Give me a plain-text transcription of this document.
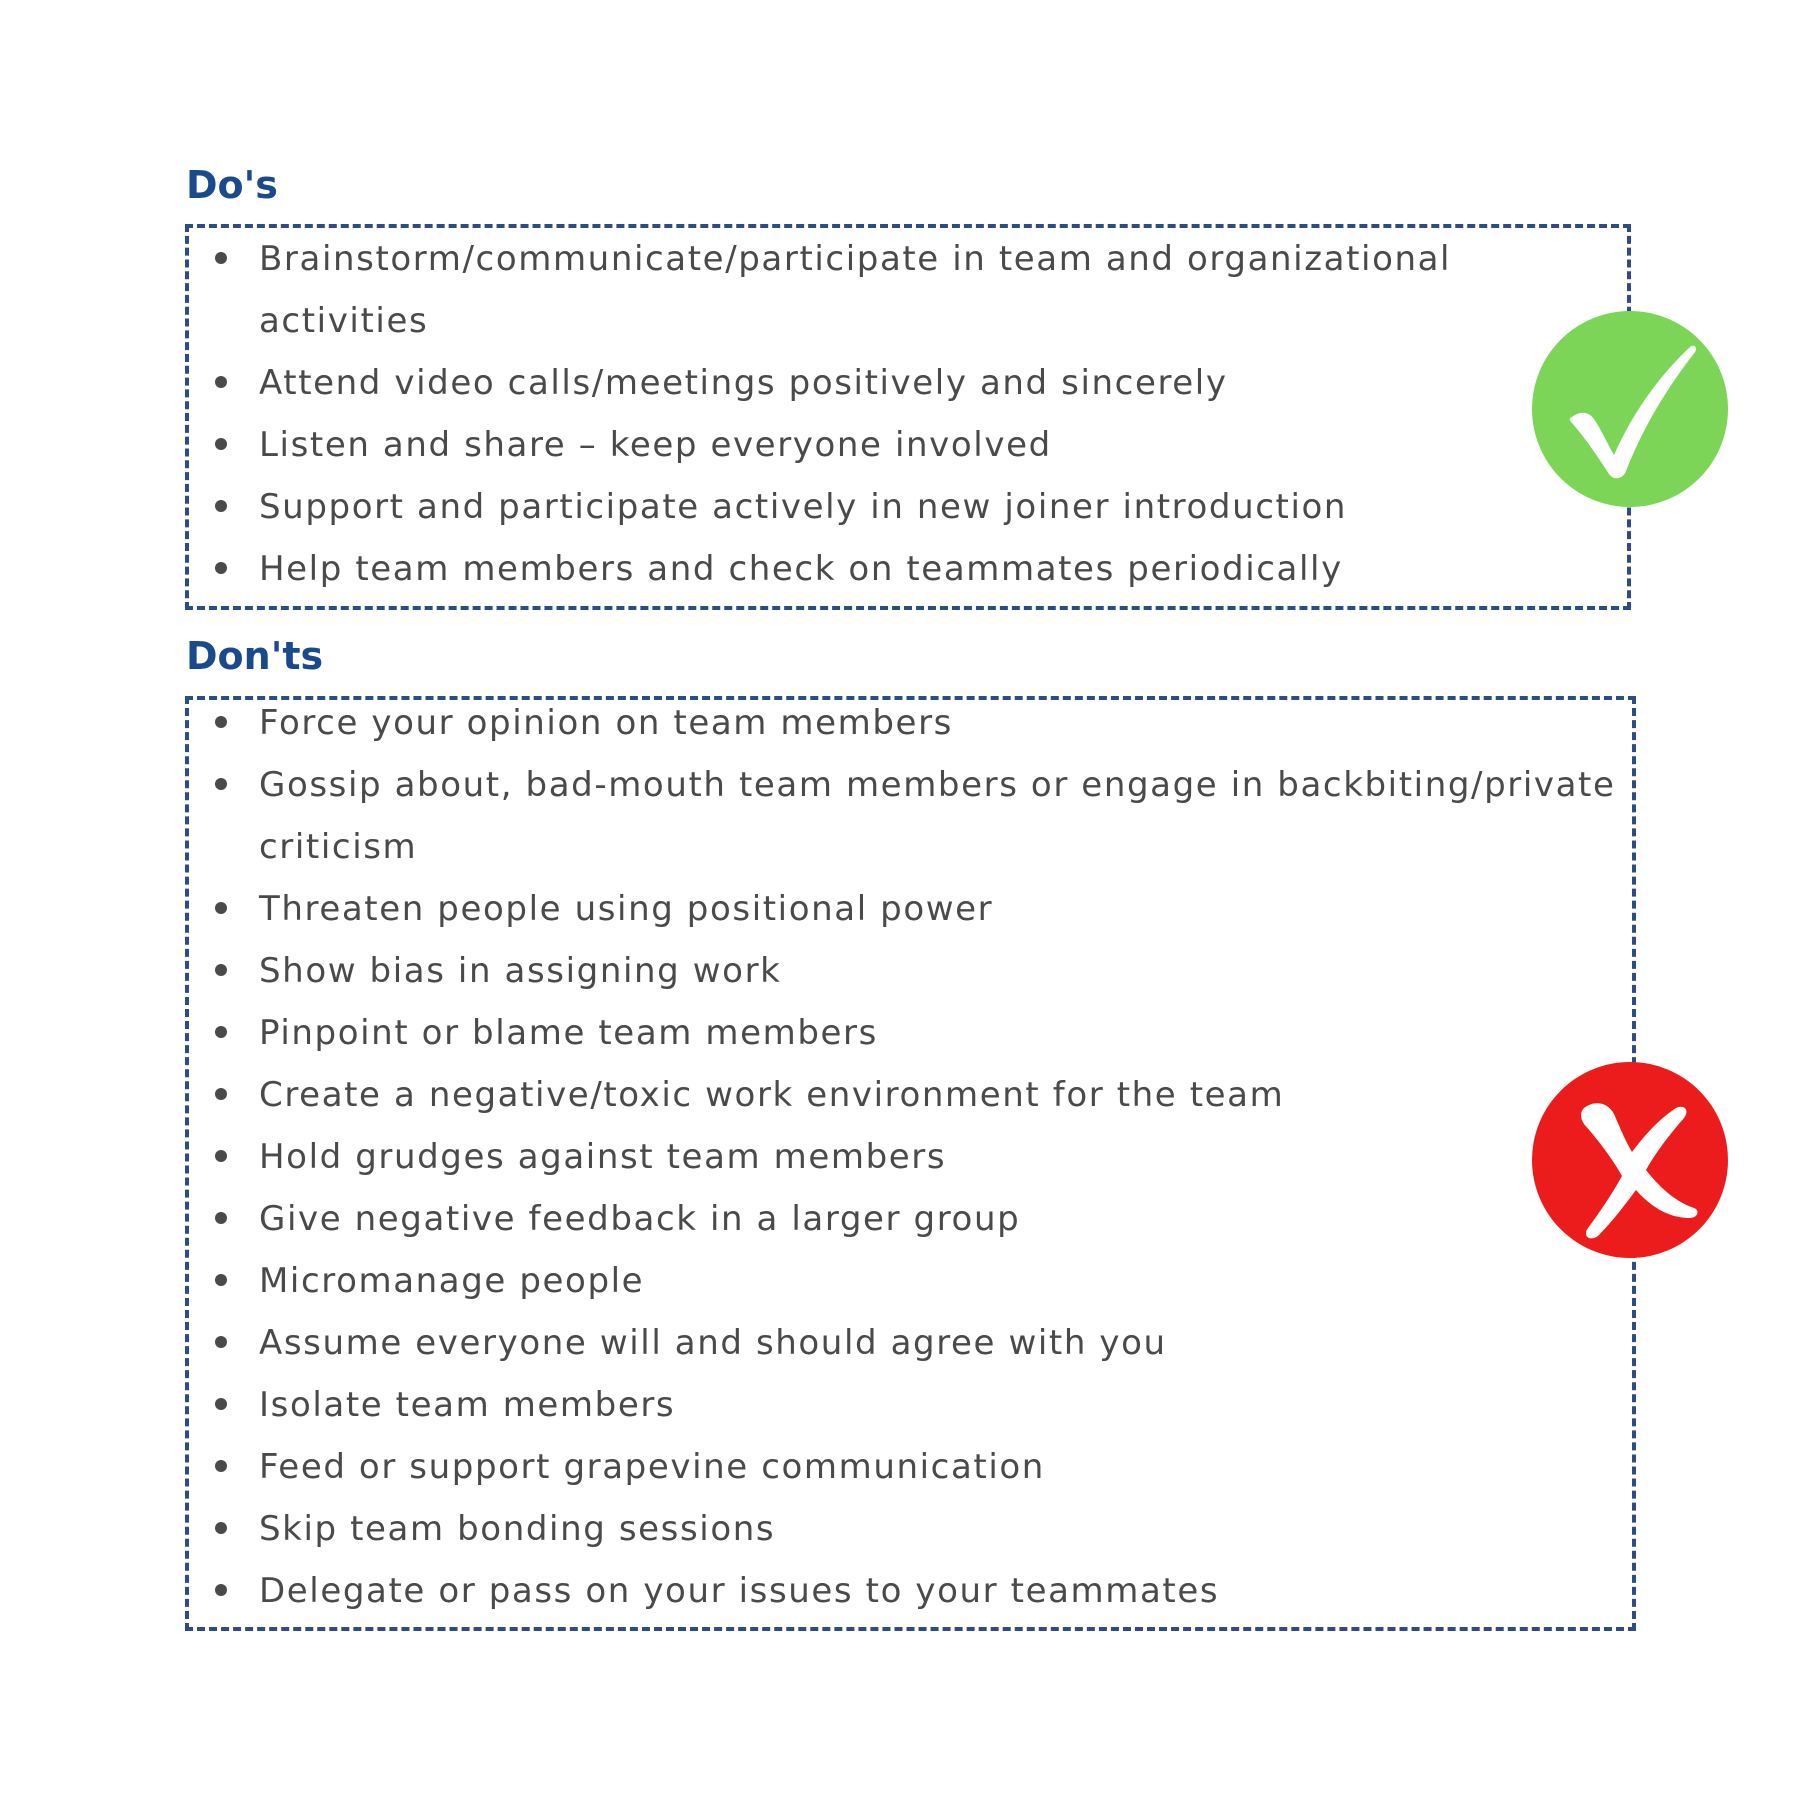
Do's
Brainstorm/communicate/participate in team and organizational activities
Attend video calls/meetings positively and sincerely
Listen and share – keep everyone involved
Support and participate actively in new joiner introduction
Help team members and check on teammates periodically
Don'ts
Force your opinion on team members
Gossip about, bad-mouth team members or engage in backbiting/private criticism
Threaten people using positional power
Show bias in assigning work
Pinpoint or blame team members
Create a negative/toxic work environment for the team
Hold grudges against team members
Give negative feedback in a larger group
Micromanage people
Assume everyone will and should agree with you
Isolate team members
Feed or support grapevine communication
Skip team bonding sessions
Delegate or pass on your issues to your teammates
